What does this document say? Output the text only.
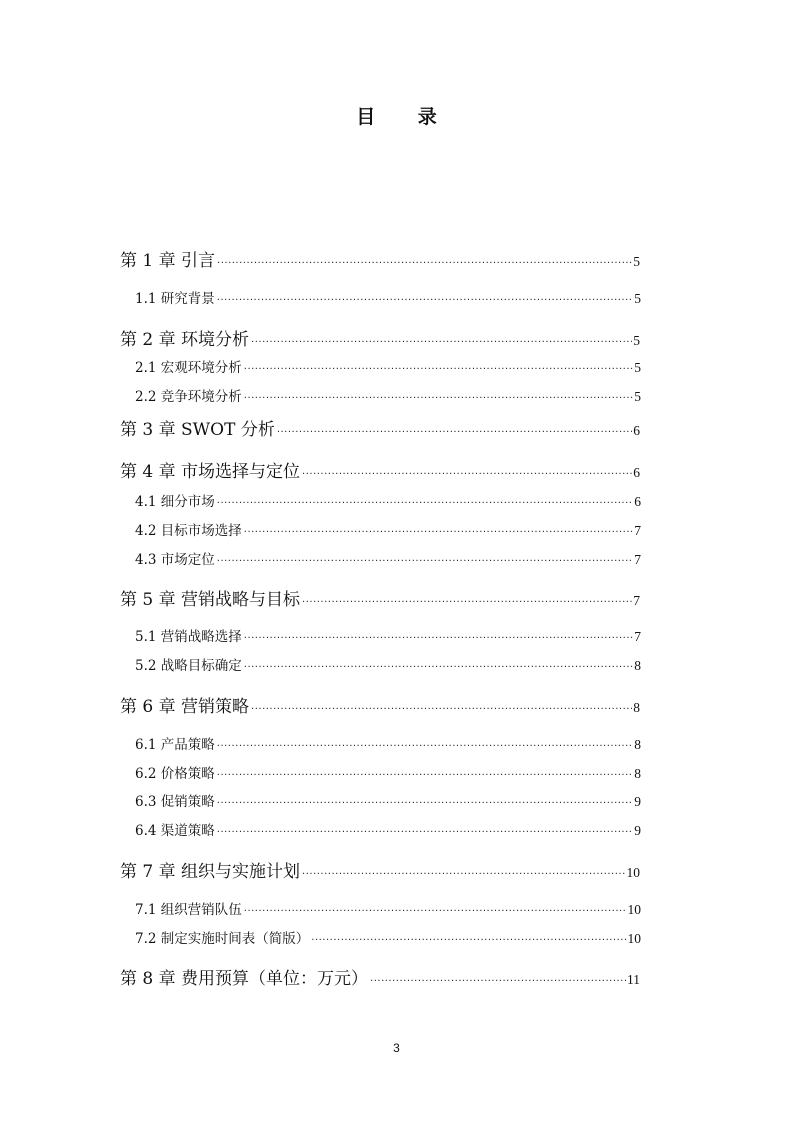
目 录
第 1 章 引言 ·····	5
1.1 研究背景 ·····	5
第 2 章 环境分析 ·····	5
2.1 宏观环境分析 ·····	5
2.2 竞争环境分析 ·····	5
第 3 章 SWOT 分析 ·····	6
第 4 章 市场选择与定位 ·····	6
4.1 细分市场 ·····	6
4.2 目标市场选择 ·····	7
4.3 市场定位 ·····	7
第 5 章 营销战略与目标 ·····	7
5.1 营销战略选择 ·····	7
5.2 战略目标确定 ·····	8
第 6 章 营销策略 ·····	8
6.1 产品策略 ·····	8
6.2 价格策略 ·····	8
6.3 促销策略 ·····	9
6.4 渠道策略 ·····	9
第 7 章 组织与实施计划 ·····	10
7.1 组织营销队伍 ·····	10
7.2 制定实施时间表（简版） ·····	10
第 8 章 费用预算（单位：万元） ·····	11
3
